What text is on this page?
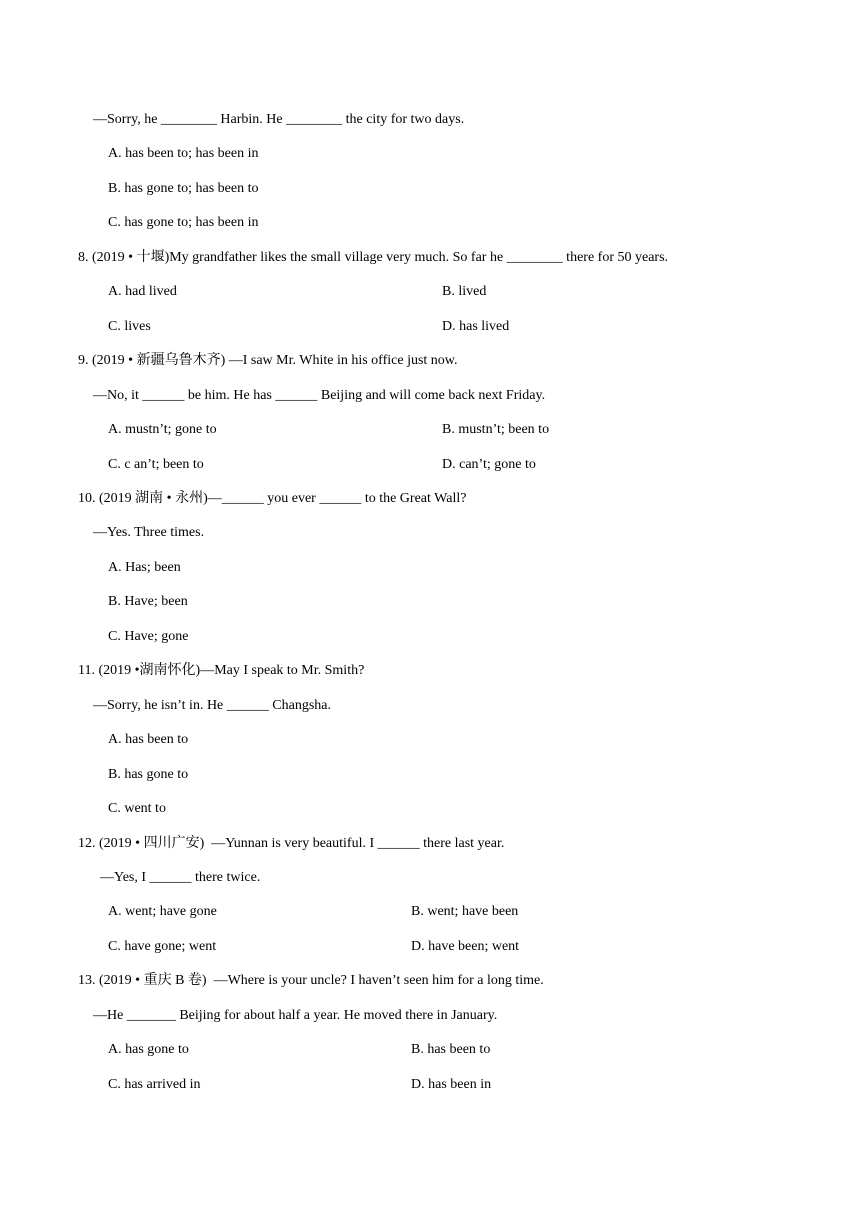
—Sorry, he ________ Harbin. He ________ the city for two days.

A. has been to; has been in

B. has gone to; has been to

C. has gone to; has been in

8. (2019 • 十堰)My grandfather likes the small village very much. So far he ________ there for 50 years.

A. had lived	B. lived

C. lives	D. has lived

9. (2019 • 新疆乌鲁木齐) —I saw Mr. White in his office just now.

—No, it ______ be him. He has ______ Beijing and will come back next Friday.

A. mustn’t; gone to	B. mustn’t; been to

C. c an’t; been to	D. can’t; gone to

10. (2019 湖南 • 永州)—______ you ever ______ to the Great Wall?

—Yes. Three times.

A. Has; been

B. Have; been

C. Have; gone

11. (2019 •湖南怀化)—May I speak to Mr. Smith?

—Sorry, he isn’t in. He ______ Changsha.

A. has been to

B. has gone to

C. went to

12. (2019 • 四川广安)  —Yunnan is very beautiful. I ______ there last year.

—Yes, I ______ there twice.

A. went; have gone	B. went; have been

C. have gone; went	D. have been; went

13. (2019 • 重庆 B 卷)  —Where is your uncle? I haven’t seen him for a long time.

—He _______ Beijing for about half a year. He moved there in January.

A. has gone to	B. has been to

C. has arrived in	D. has been in
